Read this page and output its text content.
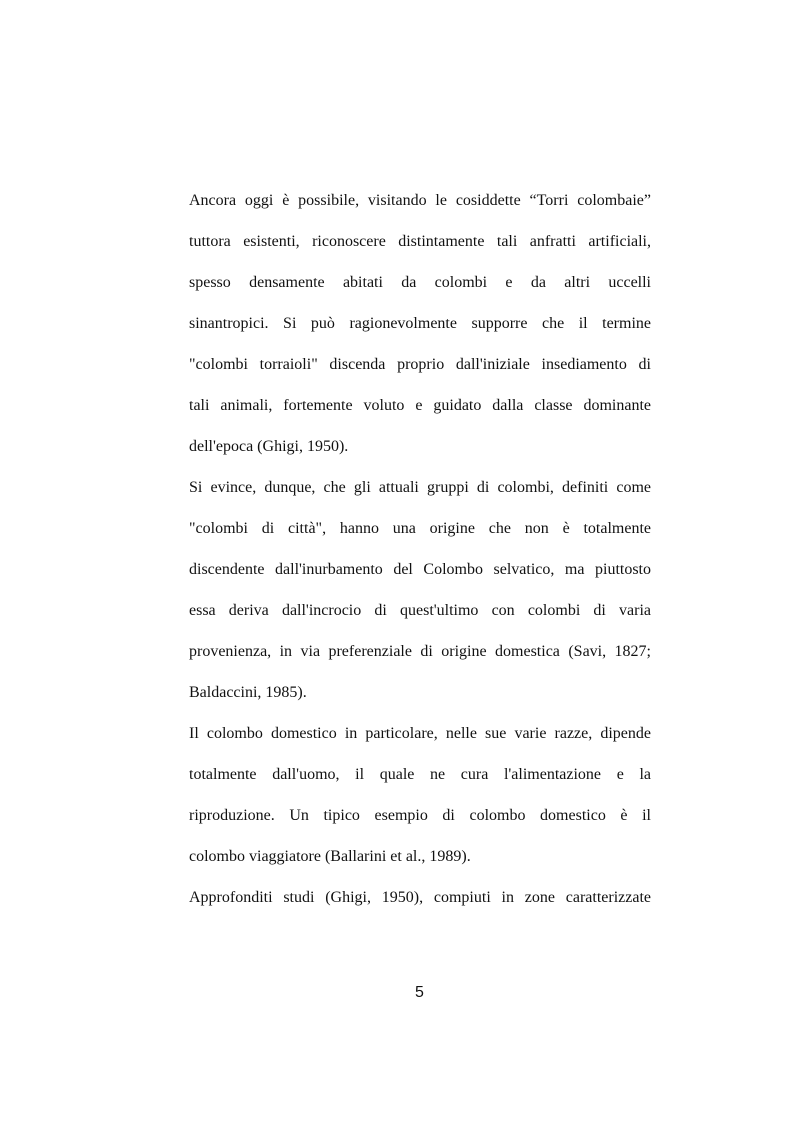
Ancora oggi è possibile, visitando le cosiddette “Torri colombaie”
tuttora esistenti, riconoscere distintamente tali anfratti artificiali,
spesso densamente abitati da colombi e da altri uccelli
sinantropici. Si può ragionevolmente supporre che il termine
"colombi torraioli" discenda proprio dall'iniziale insediamento di
tali animali, fortemente voluto e guidato dalla classe dominante
dell'epoca (Ghigi, 1950).
Si evince, dunque, che gli attuali gruppi di colombi, definiti come
"colombi di città", hanno una origine che non è totalmente
discendente dall'inurbamento del Colombo selvatico, ma piuttosto
essa deriva dall'incrocio di quest'ultimo con colombi di varia
provenienza, in via preferenziale di origine domestica (Savi, 1827;
Baldaccini, 1985).
Il colombo domestico in particolare, nelle sue varie razze, dipende
totalmente dall'uomo, il quale ne cura l'alimentazione e la
riproduzione. Un tipico esempio di colombo domestico è il
colombo viaggiatore (Ballarini et al., 1989).
Approfonditi studi (Ghigi, 1950), compiuti in zone caratterizzate
5
